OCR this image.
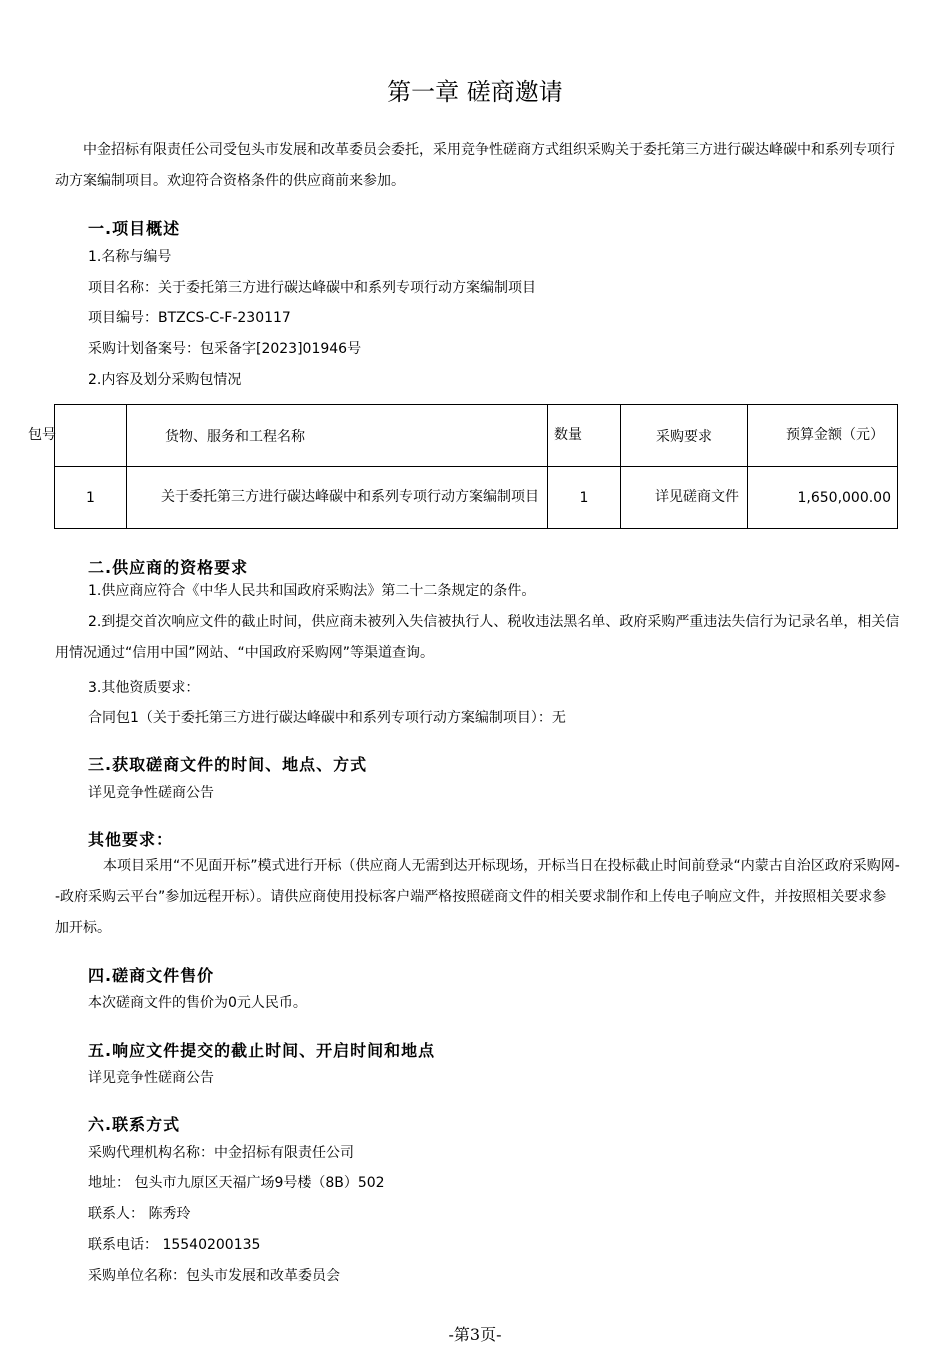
第一章 磋商邀请
中金招标有限责任公司受包头市发展和改革委员会委托，采用竞争性磋商方式组织采购关于委托第三方进行碳达峰碳中和系列专项行动方案编制项目。欢迎符合资格条件的供应商前来参加。
一.项目概述
1.名称与编号
项目名称：关于委托第三方进行碳达峰碳中和系列专项行动方案编制项目
项目编号：BTZCS-C-F-230117
采购计划备案号：包采备字[2023]01946号
2.内容及划分采购包情况
包号	货物、服务和工程名称	数量	采购要求	预算金额（元）

1	关于委托第三方进行碳达峰碳中和系列专项行动方案编制项目	1	详见磋商文件	1,650,000.00
二.供应商的资格要求
1.供应商应符合《中华人民共和国政府采购法》第二十二条规定的条件。
2.到提交首次响应文件的截止时间，供应商未被列入失信被执行人、税收违法黑名单、政府采购严重违法失信行为记录名单，相关信用情况通过“信用中国”网站、“中国政府采购网”等渠道查询。
3.其他资质要求：
合同包1（关于委托第三方进行碳达峰碳中和系列专项行动方案编制项目）：无
三.获取磋商文件的时间、地点、方式
详见竞争性磋商公告
其他要求：
本项目采用“不见面开标”模式进行开标（供应商人无需到达开标现场，开标当日在投标截止时间前登录“内蒙古自治区政府采购网--政府采购云平台”参加远程开标）。请供应商使用投标客户端严格按照磋商文件的相关要求制作和上传电子响应文件，并按照相关要求参加开标。
四.磋商文件售价
本次磋商文件的售价为0元人民币。
五.响应文件提交的截止时间、开启时间和地点
详见竞争性磋商公告
六.联系方式
采购代理机构名称：中金招标有限责任公司
地址： 包头市九原区天福广场9号楼（8B）502
联系人： 陈秀玲
联系电话： 15540200135
采购单位名称：包头市发展和改革委员会
-第3页-
